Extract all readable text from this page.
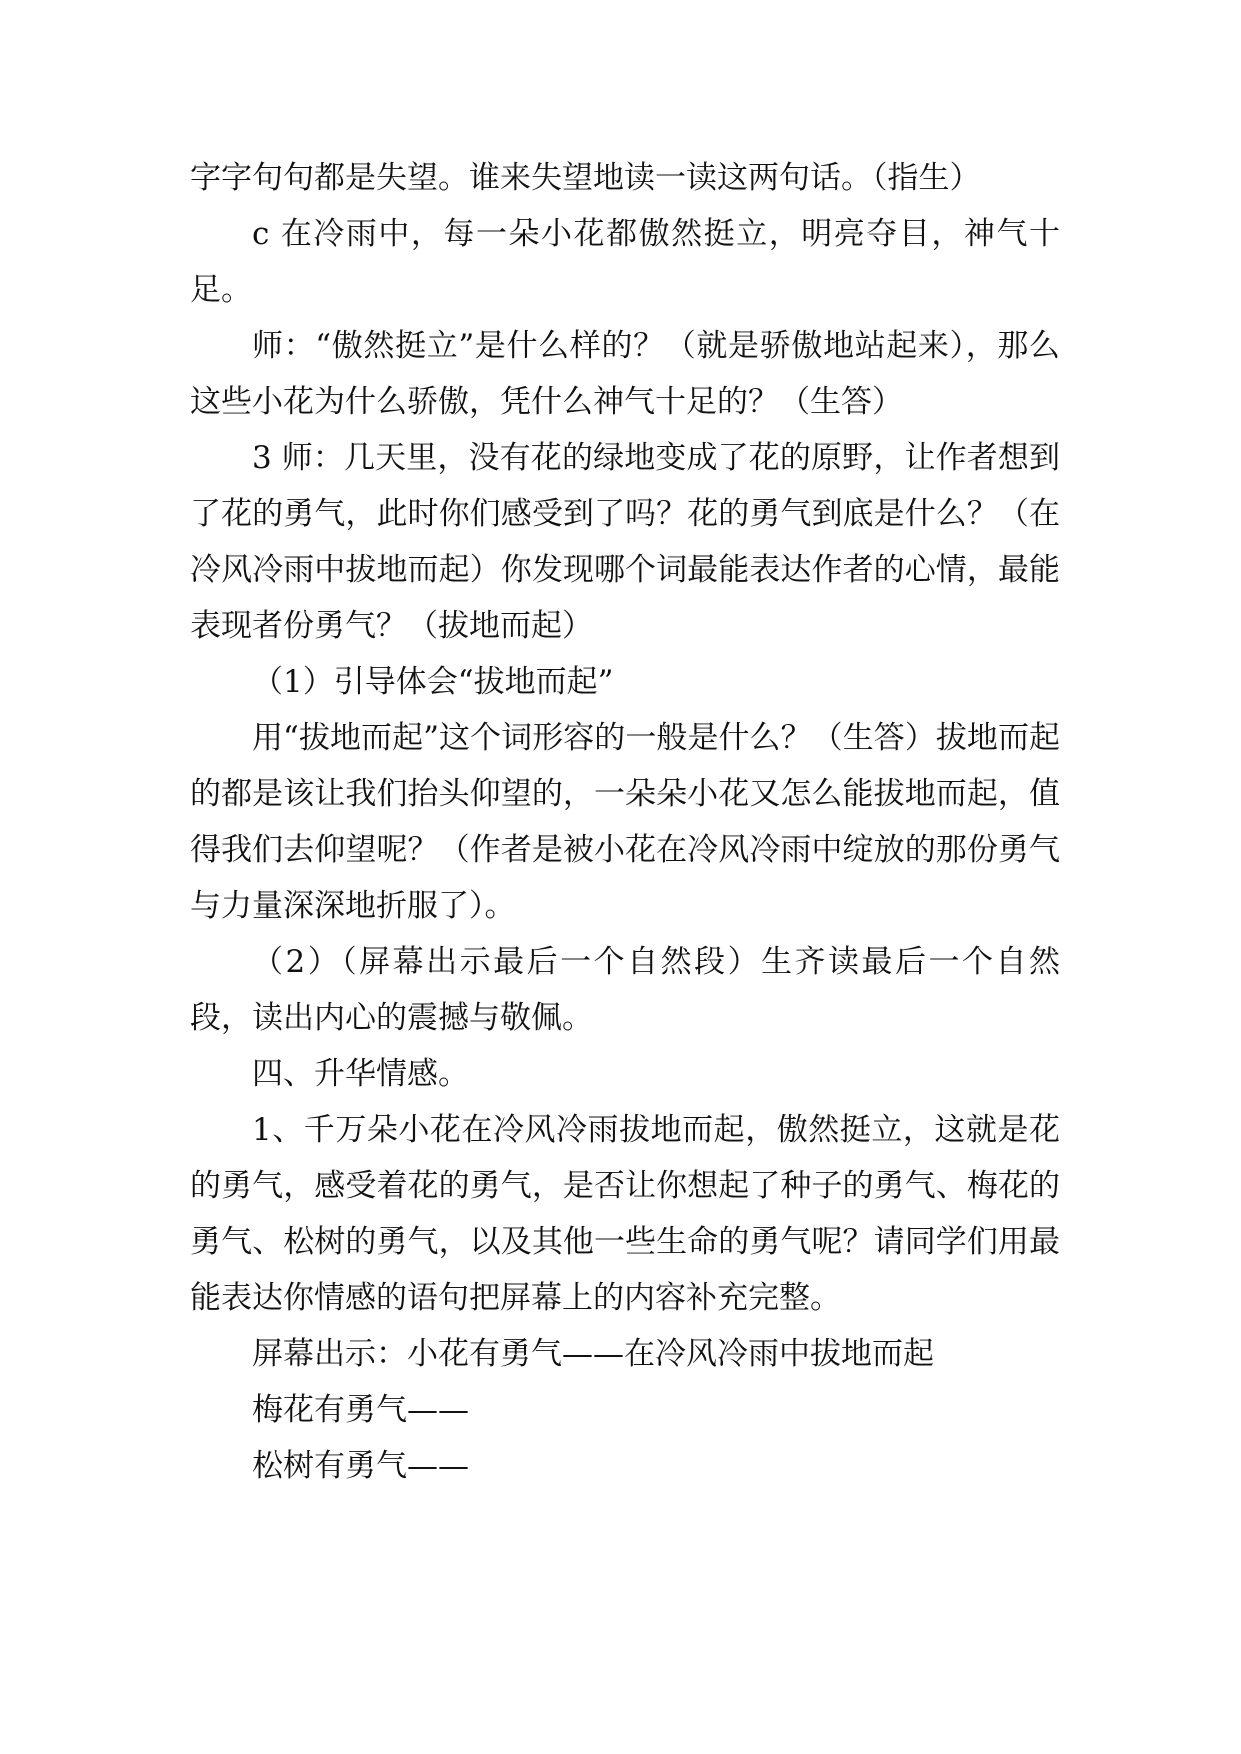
字字句句都是失望。谁来失望地读一读这两句话。（指生）

c 在冷雨中，每一朵小花都傲然挺立，明亮夺目，神气十足。

师：“傲然挺立”是什么样的？（就是骄傲地站起来），那么这些小花为什么骄傲，凭什么神气十足的？（生答）

3 师：几天里，没有花的绿地变成了花的原野，让作者想到了花的勇气，此时你们感受到了吗？花的勇气到底是什么？（在冷风冷雨中拔地而起）你发现哪个词最能表达作者的心情，最能表现者份勇气？（拔地而起）

（1）引导体会“拔地而起”

用“拔地而起”这个词形容的一般是什么？（生答）拔地而起的都是该让我们抬头仰望的，一朵朵小花又怎么能拔地而起，值得我们去仰望呢？（作者是被小花在冷风冷雨中绽放的那份勇气与力量深深地折服了）。

（2）（屏幕出示最后一个自然段）生齐读最后一个自然段，读出内心的震撼与敬佩。

四、升华情感。

1、千万朵小花在冷风冷雨拔地而起，傲然挺立，这就是花的勇气，感受着花的勇气，是否让你想起了种子的勇气、梅花的勇气、松树的勇气，以及其他一些生命的勇气呢？请同学们用最能表达你情感的语句把屏幕上的内容补充完整。

屏幕出示：小花有勇气——在冷风冷雨中拔地而起

梅花有勇气——

松树有勇气——
